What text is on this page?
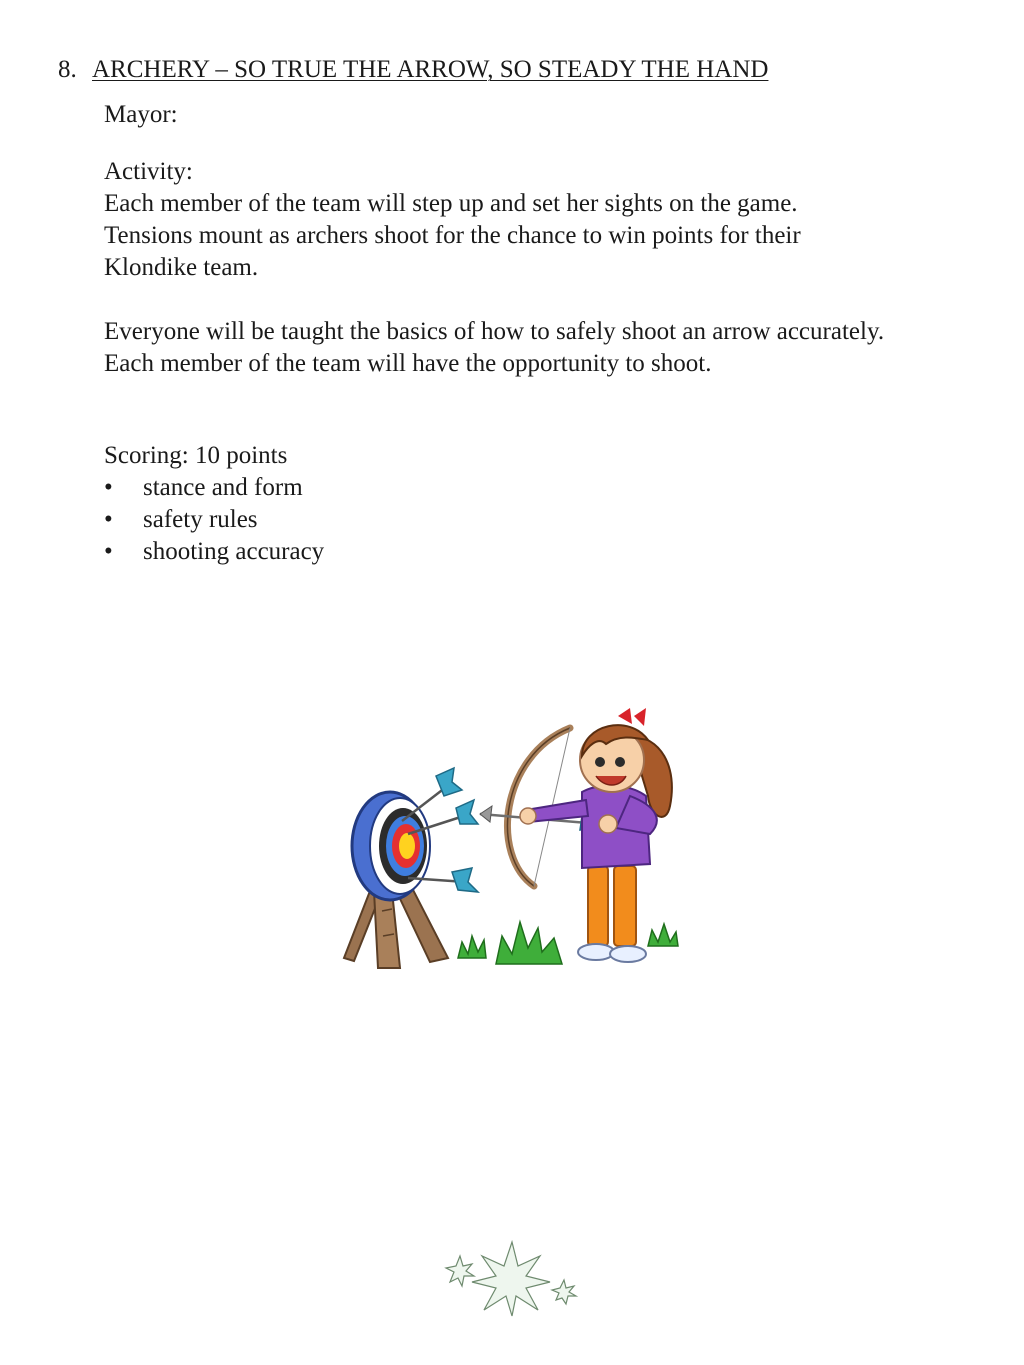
8. ARCHERY – SO TRUE THE ARROW, SO STEADY THE HAND
Mayor:
Activity:
Each member of the team will step up and set her sights on the game.
Tensions mount as archers shoot for the chance to win points for their
Klondike team.
Everyone will be taught the basics of how to safely shoot an arrow accurately.
Each member of the team will have the opportunity to shoot.
Scoring: 10 points
• stance and form
• safety rules
• shooting accuracy
